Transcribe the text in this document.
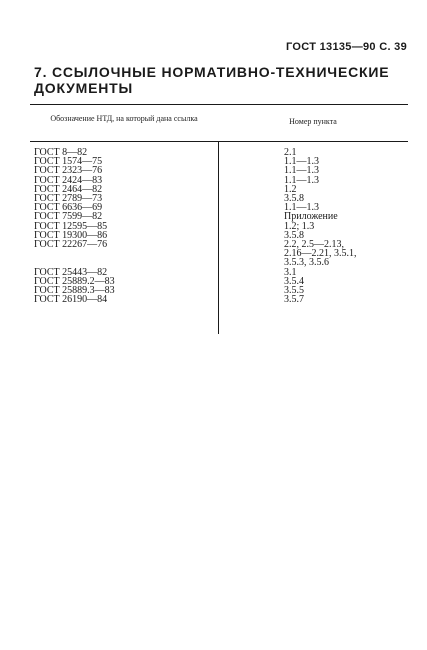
ГОСТ 13135—90 С. 39
7. ССЫЛОЧНЫЕ НОРМАТИВНО-ТЕХНИЧЕСКИЕ ДОКУМЕНТЫ
Обозначение НТД, на который дана ссылка	Номер пункта
ГОСТ 8—82
ГОСТ 1574—75
ГОСТ 2323—76
ГОСТ 2424—83
ГОСТ 2464—82
ГОСТ 2789—73
ГОСТ 6636—69
ГОСТ 7599—82
ГОСТ 12595—85
ГОСТ 19300—86
ГОСТ 22267—76
ГОСТ 25443—82
ГОСТ 25889.2—83
ГОСТ 25889.3—83
ГОСТ 26190—84
2.1
1.1—1.3
1.1—1.3
1.1—1.3
1.2
3.5.8
1.1—1.3
Приложение
1.2; 1.3
3.5.8
2.2, 2.5—2.13,
2.16—2.21, 3.5.1,
3.5.3, 3.5.6
3.1
3.5.4
3.5.5
3.5.7
